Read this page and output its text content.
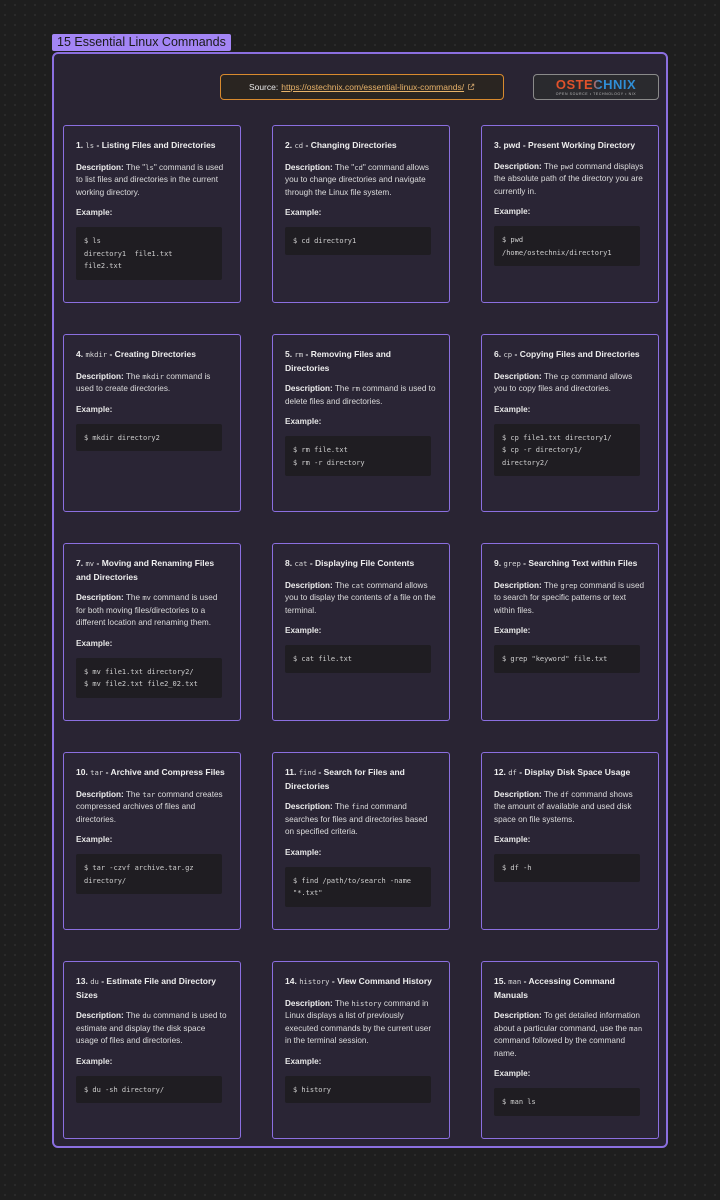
15 Essential Linux Commands
Source: https://ostechnix.com/essential-linux-commands/	OSTECHNIX
OPEN SOURCE • TECHNOLOGY • NIX
1. ls - Listing Files and Directories
Description: The "ls" command is used to list files and directories in the current working directory.
Example:
$ ls
directory1  file1.txt
file2.txt
2. cd - Changing Directories
Description: The "cd" command allows you to change directories and navigate through the Linux file system.
Example:
$ cd directory1
3. pwd - Present Working Directory
Description: The pwd command displays the absolute path of the directory you are currently in.
Example:
$ pwd
/home/ostechnix/directory1
4. mkdir - Creating Directories
Description: The mkdir command is used to create directories.
Example:
$ mkdir directory2
5. rm - Removing Files and Directories
Description: The rm command is used to delete files and directories.
Example:
$ rm file.txt
$ rm -r directory
6. cp - Copying Files and Directories
Description: The cp command allows you to copy files and directories.
Example:
$ cp file1.txt directory1/
$ cp -r directory1/ directory2/
7. mv - Moving and Renaming Files and Directories
Description: The mv command is used for both moving files/directories to a different location and renaming them.
Example:
$ mv file1.txt directory2/
$ mv file2.txt file2_02.txt
8. cat - Displaying File Contents
Description: The cat command allows you to display the contents of a file on the terminal.
Example:
$ cat file.txt
9. grep - Searching Text within Files
Description: The grep command is used to search for specific patterns or text within files.
Example:
$ grep "keyword" file.txt
10. tar - Archive and Compress Files
Description: The tar command creates compressed archives of files and directories.
Example:
$ tar -czvf archive.tar.gz directory/
11. find - Search for Files and Directories
Description: The find command searches for files and directories based on specified criteria.
Example:
$ find /path/to/search -name "*.txt"
12. df - Display Disk Space Usage
Description: The df command shows the amount of available and used disk space on file systems.
Example:
$ df -h
13. du - Estimate File and Directory Sizes
Description: The du command is used to estimate and display the disk space usage of files and directories.
Example:
$ du -sh directory/
14. history - View Command History
Description: The history command in Linux displays a list of previously executed commands by the current user in the terminal session.
Example:
$ history
15. man - Accessing Command Manuals
Description: To get detailed information about a particular command, use the man command followed by the command name.
Example:
$ man ls
